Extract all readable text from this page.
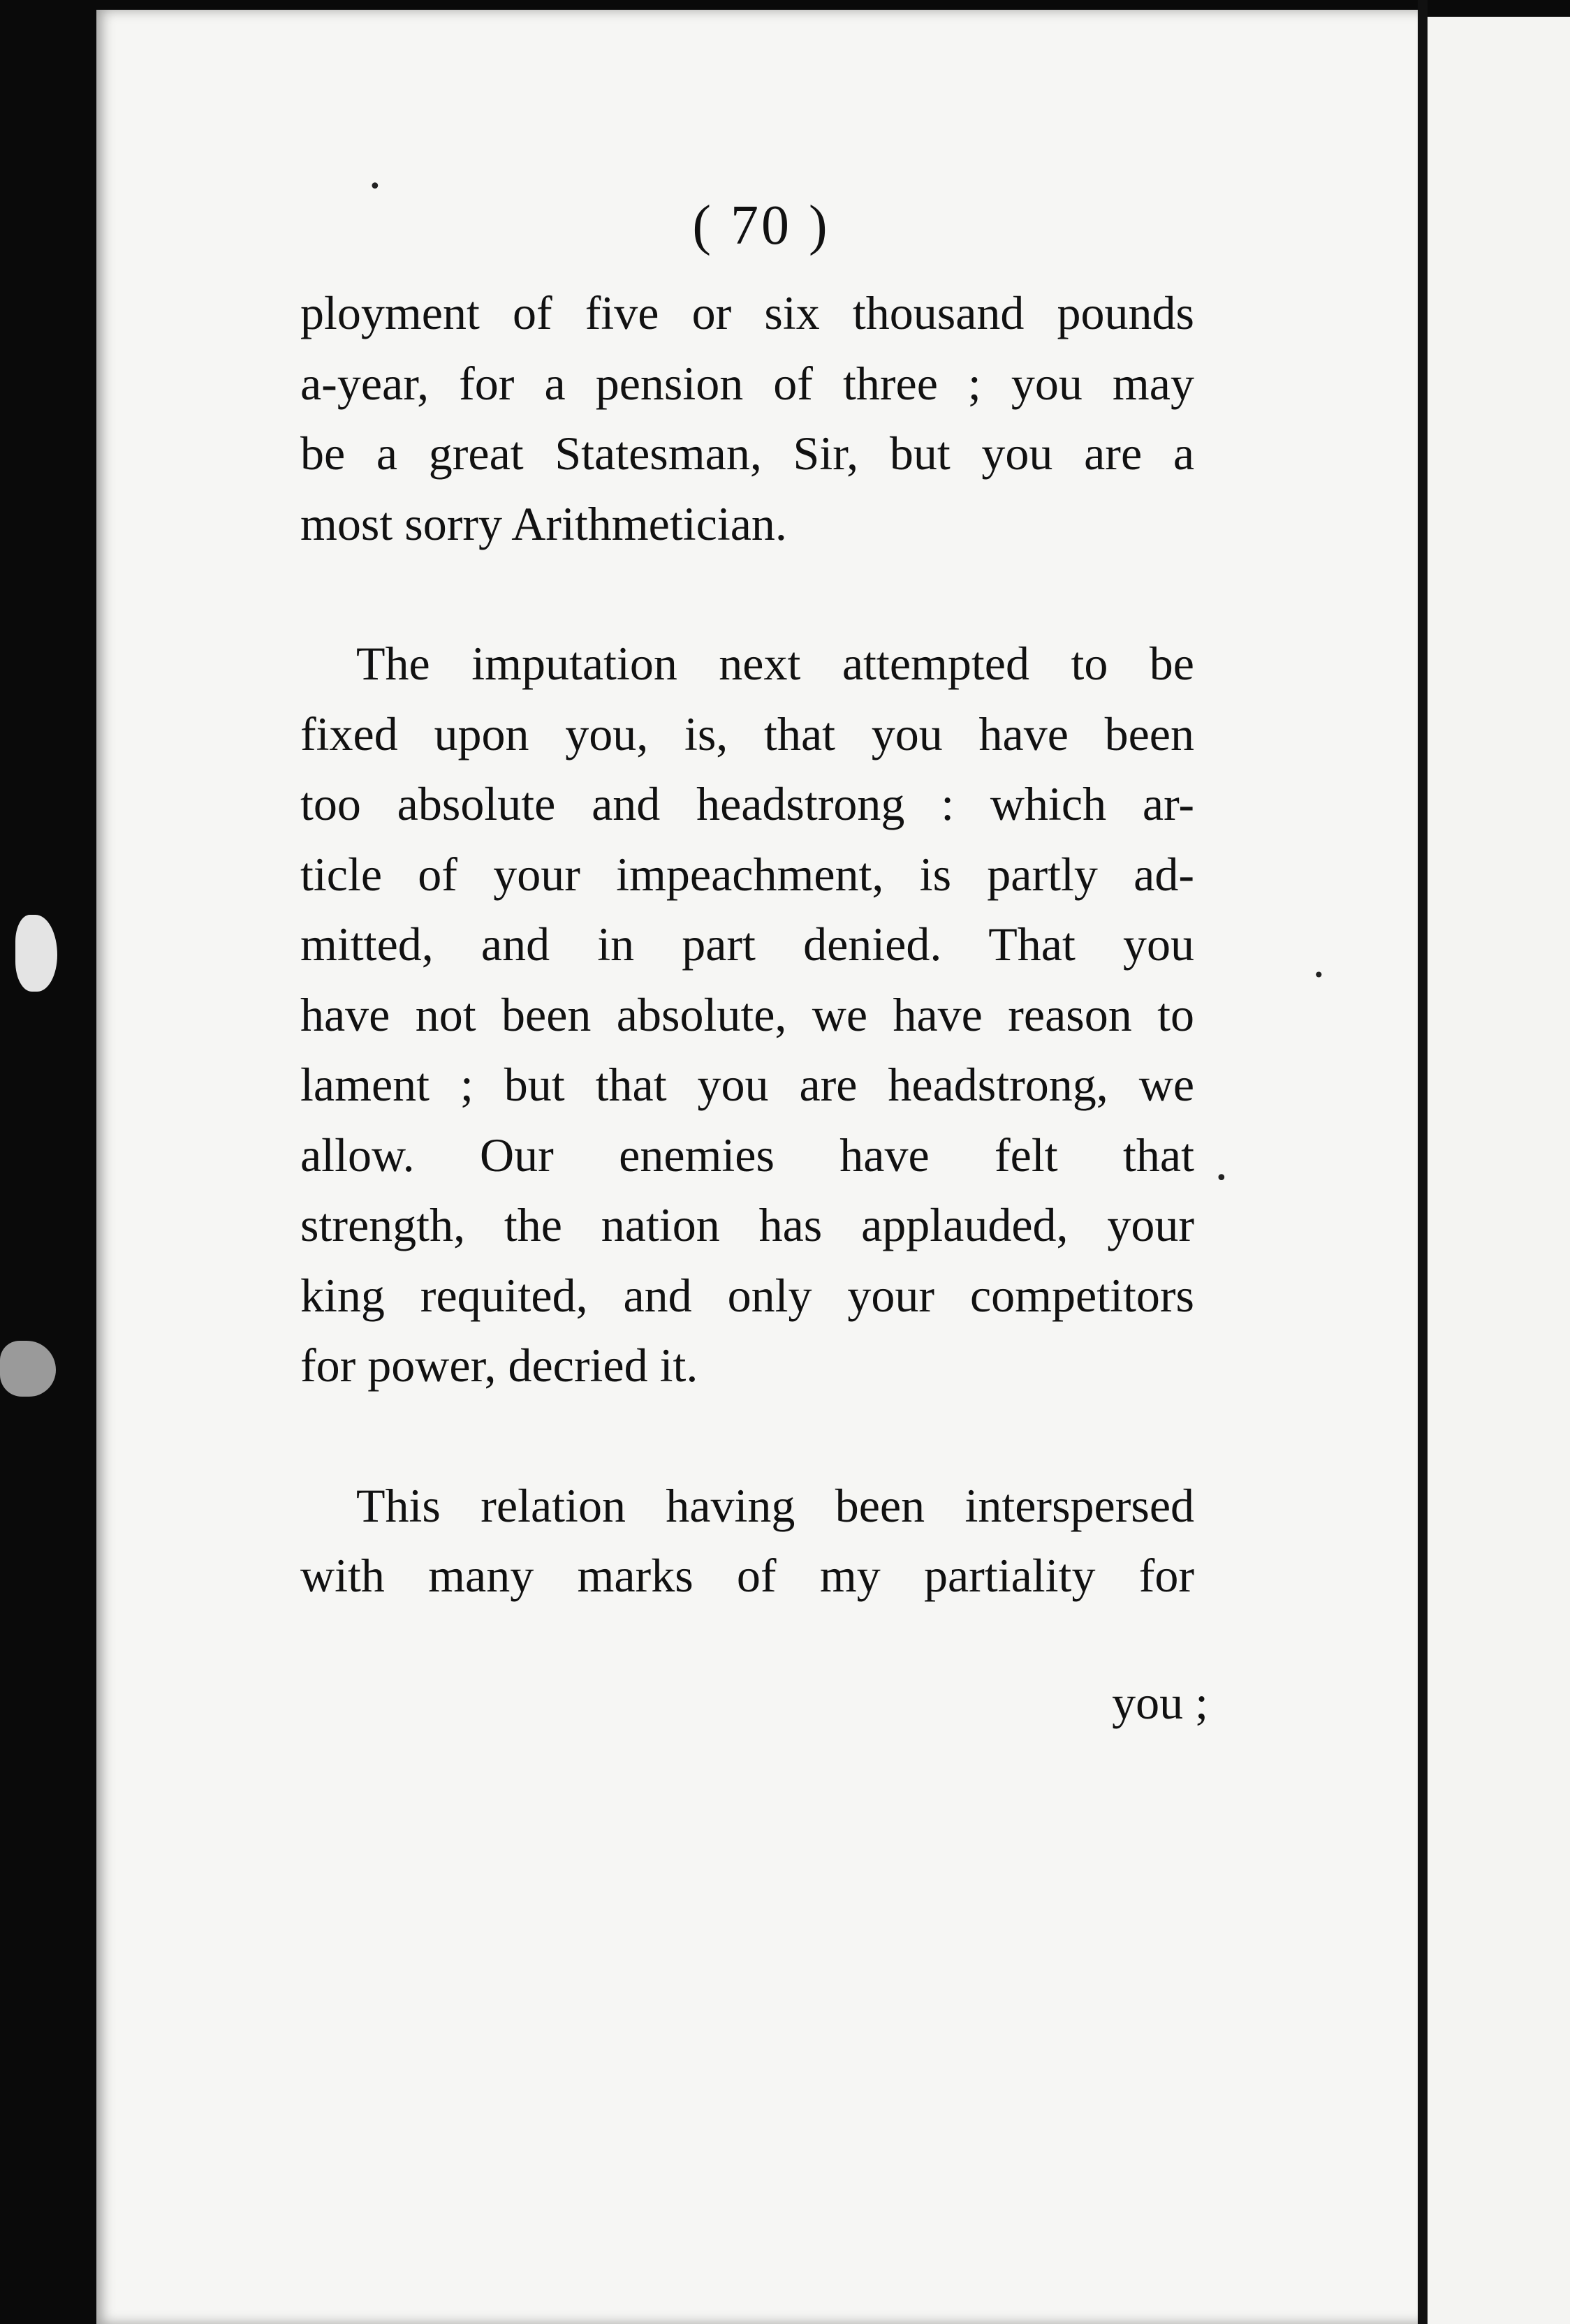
•
•
•
( 70 )
ployment of five or six thousand pounds
a-year, for a pension of three ; you may
be a great Statesman, Sir, but you are a
most sorry Arithmetician.
The imputation next attempted to be
fixed upon you, is, that you have been
too absolute and headstrong : which ar-
ticle of your impeachment, is partly ad-
mitted, and in part denied. That you
have not been absolute, we have reason to
lament ; but that you are headstrong, we
allow. Our enemies have felt that
strength, the nation has applauded, your
king requited, and only your competitors
for power, decried it.
This relation having been interspersed
with many marks of my partiality for
you ;
